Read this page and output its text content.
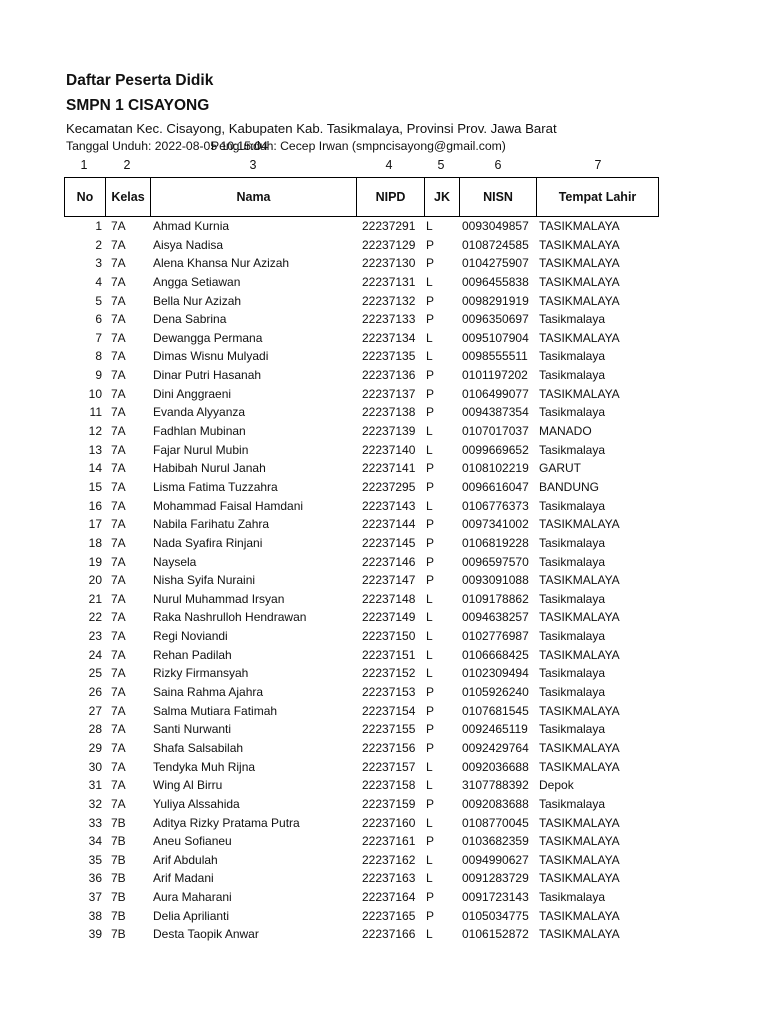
Daftar Peserta Didik
SMPN 1 CISAYONG
Kecamatan Kec. Cisayong, Kabupaten Kab. Tasikmalaya, Provinsi Prov. Jawa Barat
Tanggal Unduh: 2022-08-05 10:15:04
Pengunduh: Cecep Irwan (smpncisayong@gmail.com)
1	2	3	4	5	6	7
No	Kelas	Nama	NIPD	JK	NISN	Tempat Lahir
1 7A Ahmad Kurnia	22237291 L 0093049857 TASIKMALAYA
2 7A Aisya Nadisa	22237129 P 0108724585 TASIKMALAYA
3 7A Alena Khansa Nur Azizah	22237130 P 0104275907 TASIKMALAYA
4 7A Angga Setiawan	22237131 L 0096455838 TASIKMALAYA
5 7A Bella Nur Azizah	22237132 P 0098291919 TASIKMALAYA
6 7A Dena Sabrina	22237133 P 0096350697 Tasikmalaya
7 7A Dewangga Permana	22237134 L 0095107904 TASIKMALAYA
8 7A Dimas Wisnu Mulyadi	22237135 L 0098555511 Tasikmalaya
9 7A Dinar Putri Hasanah	22237136 P 0101197202 Tasikmalaya
10 7A Dini Anggraeni	22237137 P 0106499077 TASIKMALAYA
11 7A Evanda Alyyanza	22237138 P 0094387354 Tasikmalaya
12 7A Fadhlan Mubinan	22237139 L 0107017037 MANADO
13 7A Fajar Nurul Mubin	22237140 L 0099669652 Tasikmalaya
14 7A Habibah Nurul Janah	22237141 P 0108102219 GARUT
15 7A Lisma Fatima Tuzzahra	22237295 P 0096616047 BANDUNG
16 7A Mohammad Faisal Hamdani	22237143 L 0106776373 Tasikmalaya
17 7A Nabila Farihatu Zahra	22237144 P 0097341002 TASIKMALAYA
18 7A Nada Syafira Rinjani	22237145 P 0106819228 Tasikmalaya
19 7A Naysela	22237146 P 0096597570 Tasikmalaya
20 7A Nisha Syifa Nuraini	22237147 P 0093091088 TASIKMALAYA
21 7A Nurul Muhammad Irsyan	22237148 L 0109178862 Tasikmalaya
22 7A Raka Nashrulloh Hendrawan	22237149 L 0094638257 TASIKMALAYA
23 7A Regi Noviandi	22237150 L 0102776987 Tasikmalaya
24 7A Rehan Padilah	22237151 L 0106668425 TASIKMALAYA
25 7A Rizky Firmansyah	22237152 L 0102309494 Tasikmalaya
26 7A Saina Rahma Ajahra	22237153 P 0105926240 Tasikmalaya
27 7A Salma Mutiara Fatimah	22237154 P 0107681545 TASIKMALAYA
28 7A Santi Nurwanti	22237155 P 0092465119 Tasikmalaya
29 7A Shafa Salsabilah	22237156 P 0092429764 TASIKMALAYA
30 7A Tendyka Muh Rijna	22237157 L 0092036688 TASIKMALAYA
31 7A Wing Al Birru	22237158 L 3107788392 Depok
32 7A Yuliya Alssahida	22237159 P 0092083688 Tasikmalaya
33 7B Aditya Rizky Pratama Putra	22237160 L 0108770045 TASIKMALAYA
34 7B Aneu Sofianeu	22237161 P 0103682359 TASIKMALAYA
35 7B Arif Abdulah	22237162 L 0094990627 TASIKMALAYA
36 7B Arif Madani	22237163 L 0091283729 TASIKMALAYA
37 7B Aura Maharani	22237164 P 0091723143 Tasikmalaya
38 7B Delia Aprilianti	22237165 P 0105034775 TASIKMALAYA
39 7B Desta Taopik Anwar	22237166 L 0106152872 TASIKMALAYA
